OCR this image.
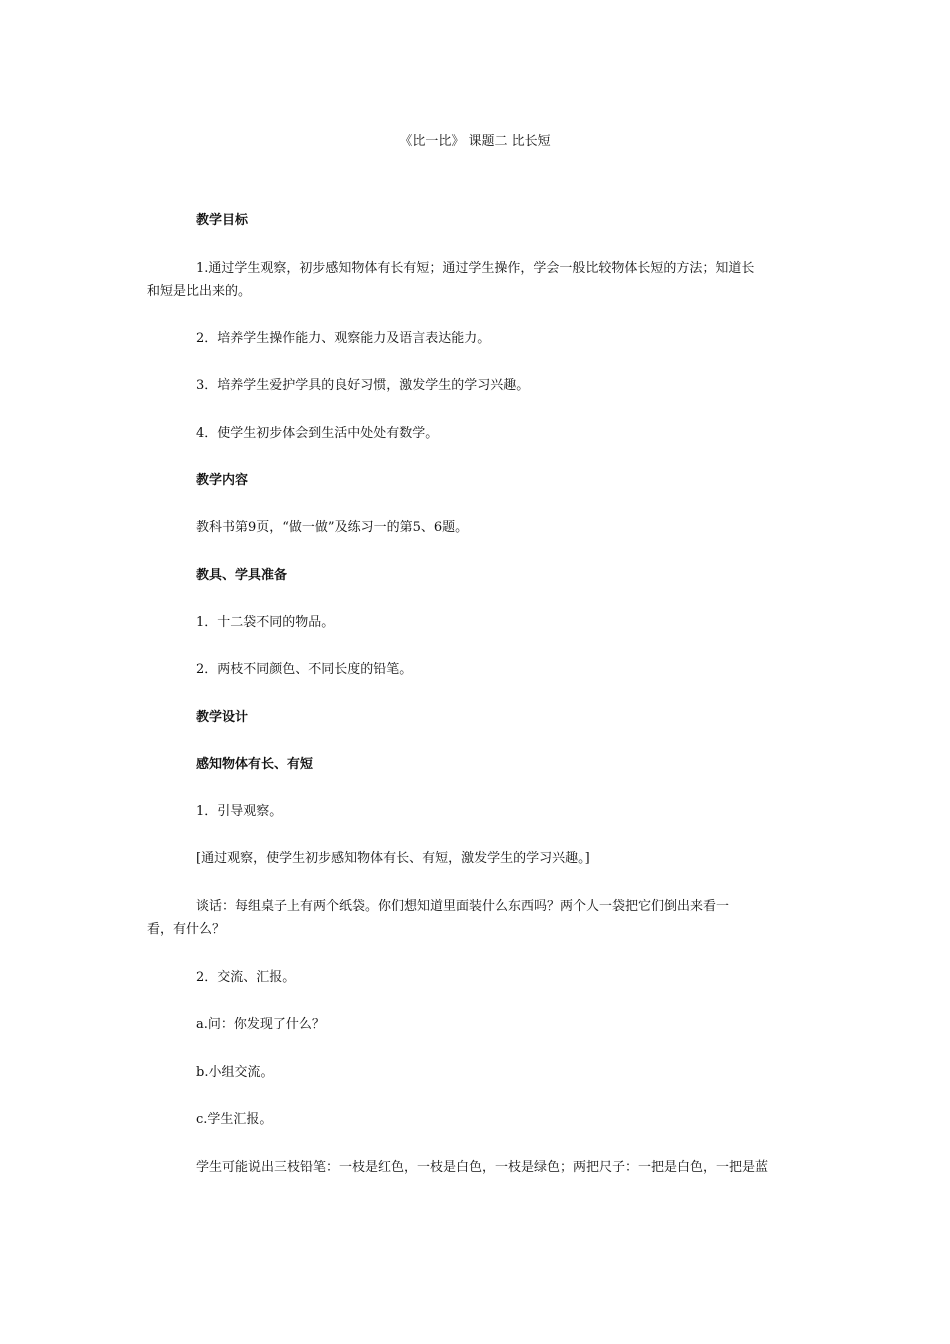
《比一比》 课题二 比长短
教学目标
1.通过学生观察，初步感知物体有长有短；通过学生操作，学会一般比较物体长短的方法；知道长
和短是比出来的。
2．培养学生操作能力、观察能力及语言表达能力。
3．培养学生爱护学具的良好习惯，激发学生的学习兴趣。
4．使学生初步体会到生活中处处有数学。
教学内容
教科书第9页，“做一做”及练习一的第5、6题。
教具、学具准备
1．十二袋不同的物品。
2．两枝不同颜色、不同长度的铅笔。
教学设计
感知物体有长、有短
1．引导观察。
[通过观察，使学生初步感知物体有长、有短，激发学生的学习兴趣。]
谈话：每组桌子上有两个纸袋。你们想知道里面装什么东西吗？两个人一袋把它们倒出来看一
看，有什么？
2．交流、汇报。
a.问：你发现了什么？
b.小组交流。
c.学生汇报。
学生可能说出三枝铅笔：一枝是红色，一枝是白色，一枝是绿色；两把尺子：一把是白色，一把是蓝
